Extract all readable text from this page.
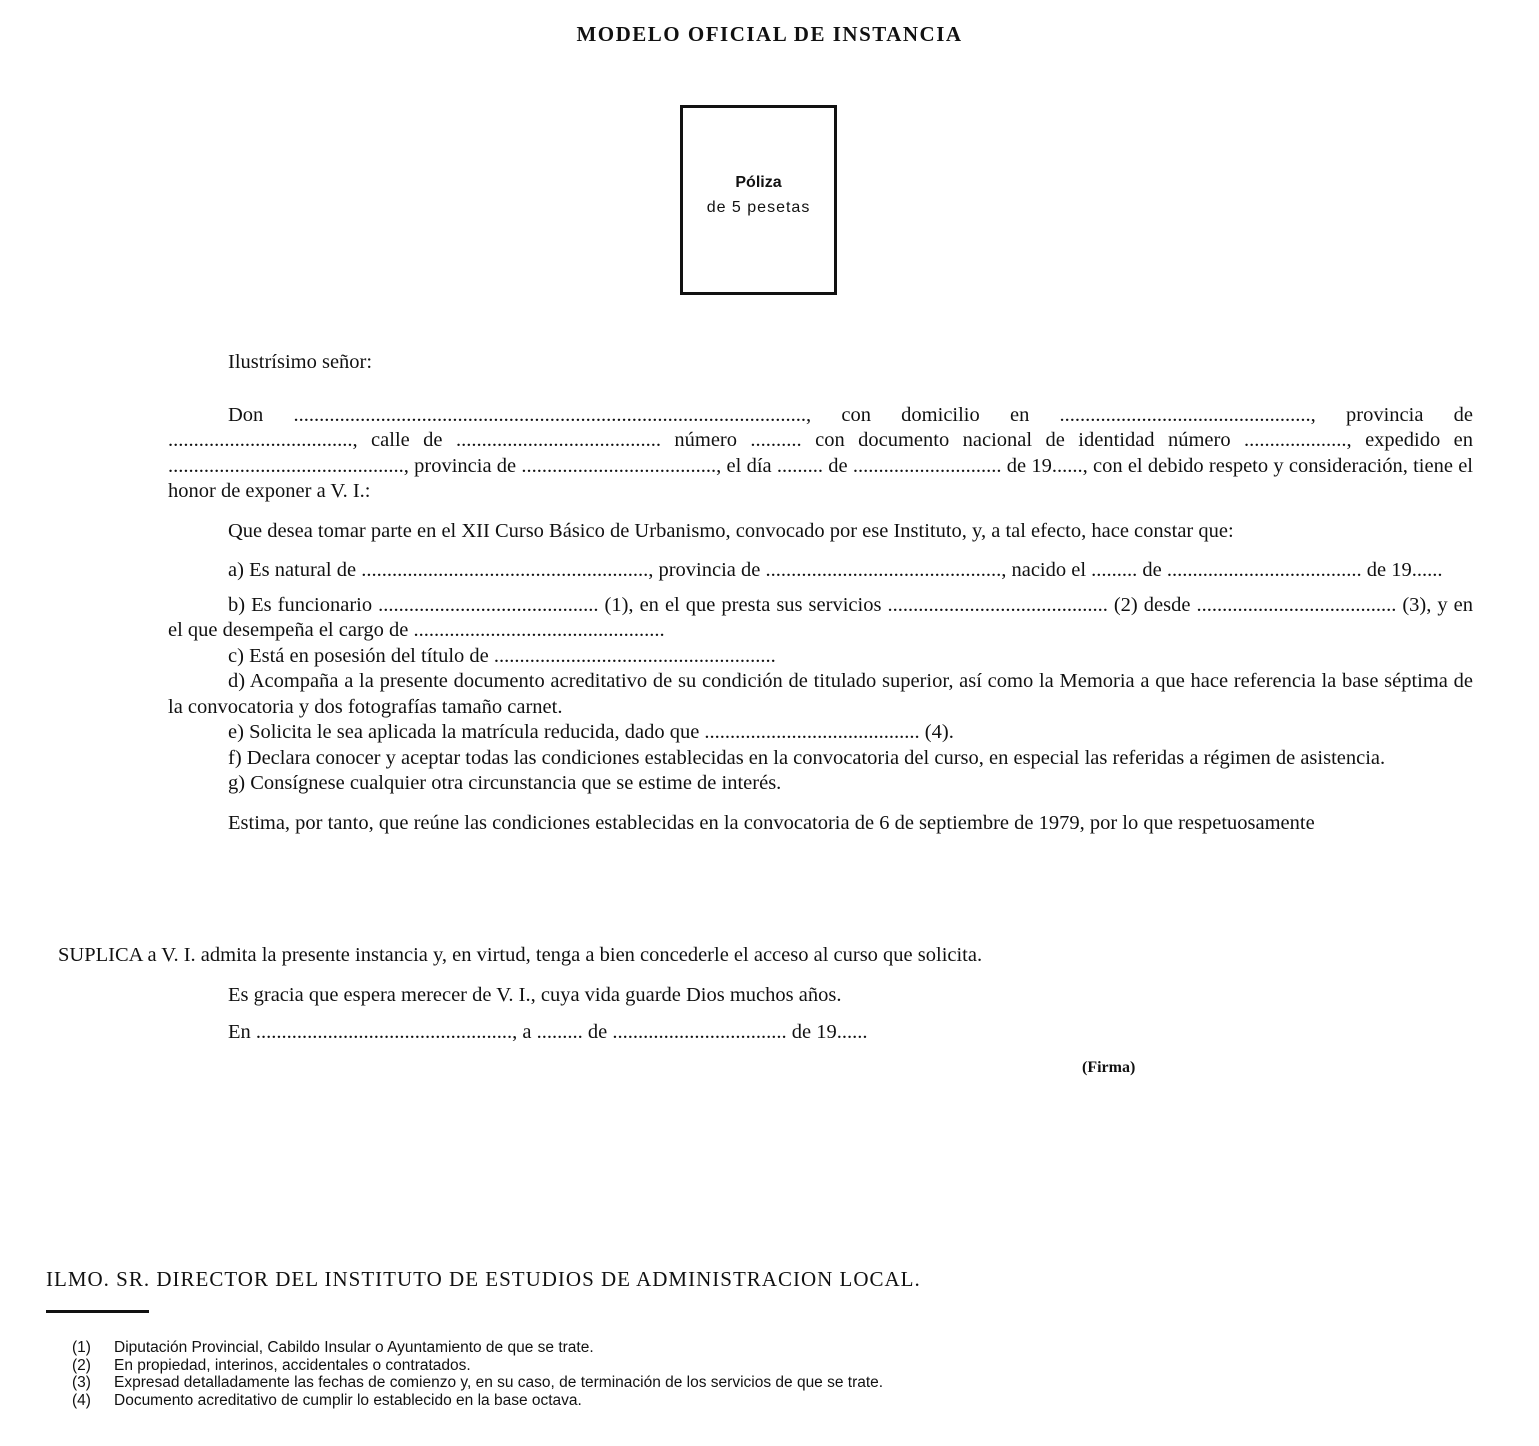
MODELO OFICIAL DE INSTANCIA
Póliza
de 5 pesetas

Ilustrísimo señor:

Don ...................................................................................................., con domicilio en ................................................., provincia de ...................................., calle de ........................................ número .......... con documento nacional de identidad número ...................., expedido en .............................................., provincia de ......................................, el día ......... de ............................. de 19......, con el debido respeto y consideración, tiene el honor de exponer a V. I.:

Que desea tomar parte en el XII Curso Básico de Urbanismo, convocado por ese Instituto, y, a tal efecto, hace constar que:

a) Es natural de ........................................................, provincia de .............................................., nacido el ......... de ...................................... de 19......

b) Es funcionario ........................................... (1), en el que presta sus servicios ........................................... (2) desde ....................................... (3), y en el que desempeña el cargo de .................................................

c) Está en posesión del título de .......................................................

d) Acompaña a la presente documento acreditativo de su condición de titulado superior, así como la Memoria a que hace referencia la base séptima de la convocatoria y dos fotografías tamaño carnet.

e) Solicita le sea aplicada la matrícula reducida, dado que .......................................... (4).

f) Declara conocer y aceptar todas las condiciones establecidas en la convocatoria del curso, en especial las referidas a régimen de asistencia.

g) Consígnese cualquier otra circunstancia que se estime de interés.

Estima, por tanto, que reúne las condiciones establecidas en la convocatoria de 6 de septiembre de 1979, por lo que respetuosamente

SUPLICA a V. I. admita la presente instancia y, en virtud, tenga a bien concederle el acceso al curso que solicita.

Es gracia que espera merecer de V. I., cuya vida guarde Dios muchos años.

En .................................................., a ......... de .................................. de 19......

(Firma)
ILMO. SR. DIRECTOR DEL INSTITUTO DE ESTUDIOS DE ADMINISTRACION LOCAL.
(1)	Diputación Provincial, Cabildo Insular o Ayuntamiento de que se trate.
(2)	En propiedad, interinos, accidentales o contratados.
(3)	Expresad detalladamente las fechas de comienzo y, en su caso, de terminación de los servicios de que se trate.
(4)	Documento acreditativo de cumplir lo establecido en la base octava.
